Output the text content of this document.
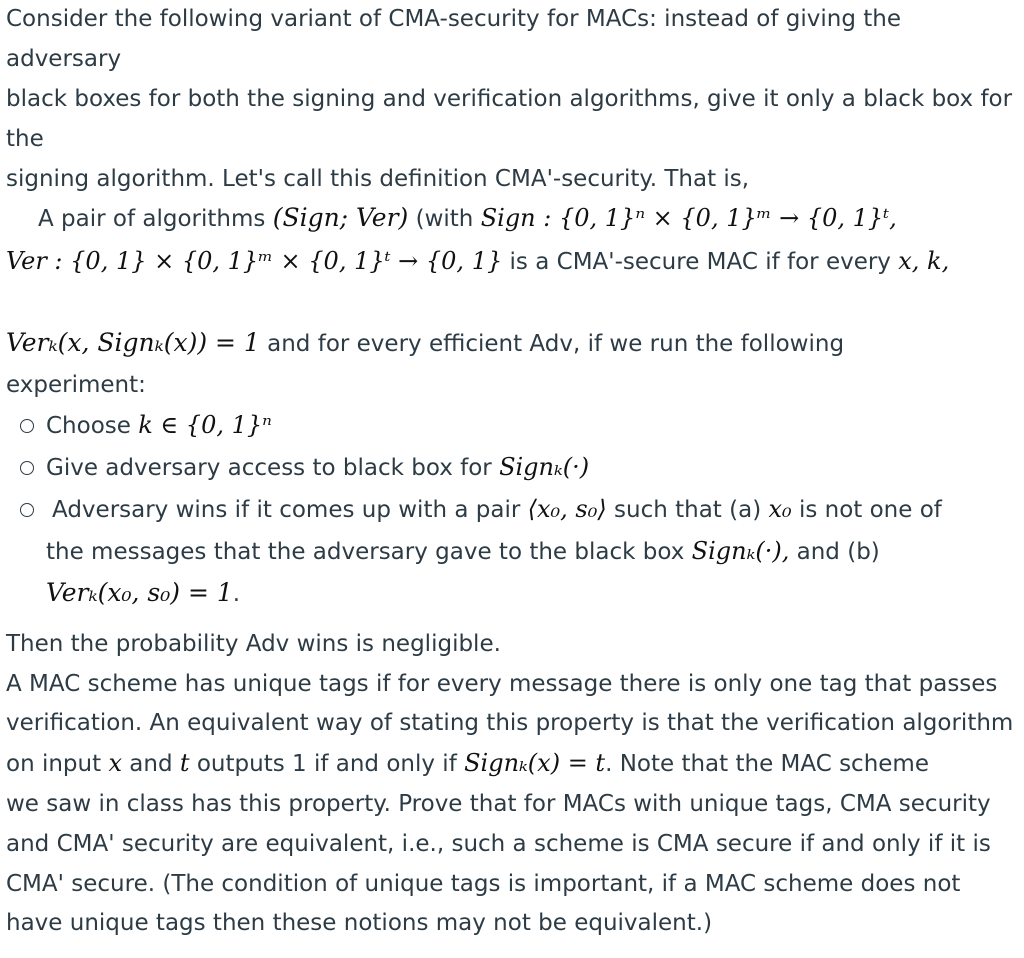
Consider the following variant of CMA-security for MACs: instead of giving the
adversary
black boxes for both the signing and verification algorithms, give it only a black box for
the
signing algorithm. Let's call this definition CMA'-security. That is,
A pair of algorithms (Sign; Ver) (with Sign : {0, 1}ⁿ × {0, 1}ᵐ → {0, 1}ᵗ,
Ver : {0, 1} × {0, 1}ᵐ × {0, 1}ᵗ → {0, 1} is a CMA'-secure MAC if for every x, k,
Verₖ(x, Signₖ(x)) = 1 and for every efficient Adv, if we run the following
experiment:
Choose k ∈ {0, 1}ⁿ
Give adversary access to black box for Signₖ(·)
Adversary wins if it comes up with a pair ⟨x₀, s₀⟩ such that (a) x₀ is not one of
the messages that the adversary gave to the black box Signₖ(·), and (b)
Verₖ(x₀, s₀) = 1.
Then the probability Adv wins is negligible.
A MAC scheme has unique tags if for every message there is only one tag that passes
verification. An equivalent way of stating this property is that the verification algorithm
on input x and t outputs 1 if and only if Signₖ(x) = t. Note that the MAC scheme
we saw in class has this property. Prove that for MACs with unique tags, CMA security
and CMA' security are equivalent, i.e., such a scheme is CMA secure if and only if it is
CMA' secure. (The condition of unique tags is important, if a MAC scheme does not
have unique tags then these notions may not be equivalent.)
